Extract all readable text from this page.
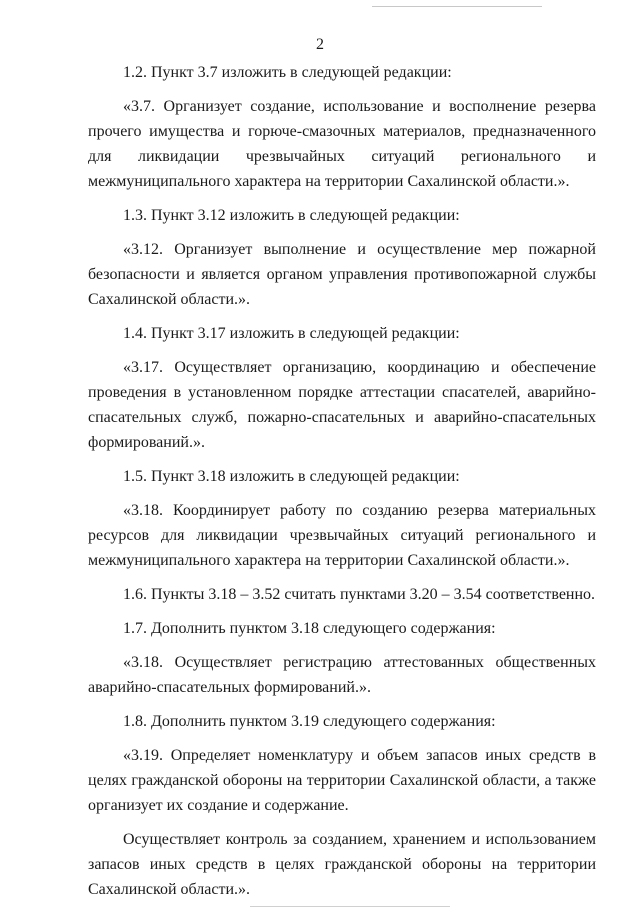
2

1.2. Пункт 3.7 изложить в следующей редакции:

«3.7. Организует создание, использование и восполнение резерва прочего имущества и горюче-смазочных материалов, предназначенного для ликвидации чрезвычайных ситуаций регионального и межмуниципального характера на территории Сахалинской области.».

1.3. Пункт 3.12 изложить в следующей редакции:

«3.12. Организует выполнение и осуществление мер пожарной безопасности и является органом управления противопожарной службы Сахалинской области.».

1.4. Пункт 3.17 изложить в следующей редакции:

«3.17. Осуществляет организацию, координацию и обеспечение проведения в установленном порядке аттестации спасателей, аварийно-спасательных служб, пожарно-спасательных и аварийно-спасательных формирований.».

1.5. Пункт 3.18 изложить в следующей редакции:

«3.18. Координирует работу по созданию резерва материальных ресурсов для ликвидации чрезвычайных ситуаций регионального и межмуниципального характера на территории Сахалинской области.».

1.6. Пункты 3.18 – 3.52 считать пунктами 3.20 – 3.54 соответственно.

1.7. Дополнить пунктом 3.18 следующего содержания:

«3.18. Осуществляет регистрацию аттестованных общественных аварийно-спасательных формирований.».

1.8. Дополнить пунктом 3.19 следующего содержания:

«3.19. Определяет номенклатуру и объем запасов иных средств в целях гражданской обороны на территории Сахалинской области, а также организует их создание и содержание.

Осуществляет контроль за созданием, хранением и использованием запасов иных средств в целях гражданской обороны на территории Сахалинской области.».
